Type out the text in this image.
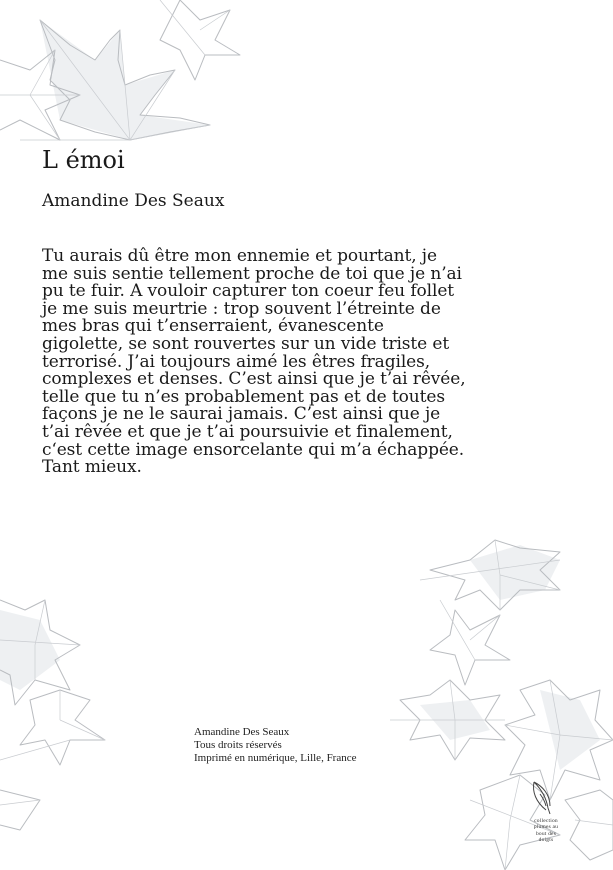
L émoi
Amandine Des Seaux

Tu aurais dû être mon ennemie et pourtant, je me suis sentie tellement proche de toi que je n’ai pu te fuir. A vouloir capturer ton coeur feu follet je me suis meurtrie : trop souvent l’étreinte de mes bras qui t’enserraient, évanescente gigolette, se sont rouvertes sur un vide triste et terrorisé. J’ai toujours aimé les êtres fragiles, complexes et denses. C’est ainsi que je t’ai rêvée, telle que tu n’es probablement pas et de toutes façons je ne le saurai jamais. C’est ainsi que je t’ai rêvée et que je t’ai poursuivie et finalement, c‘est cette image ensorcelante qui m’a échappée. Tant mieux.

Amandine Des Seaux
Tous droits réservés
Imprimé en numérique, Lille, France
collection
plumes au
bout des
doigts
